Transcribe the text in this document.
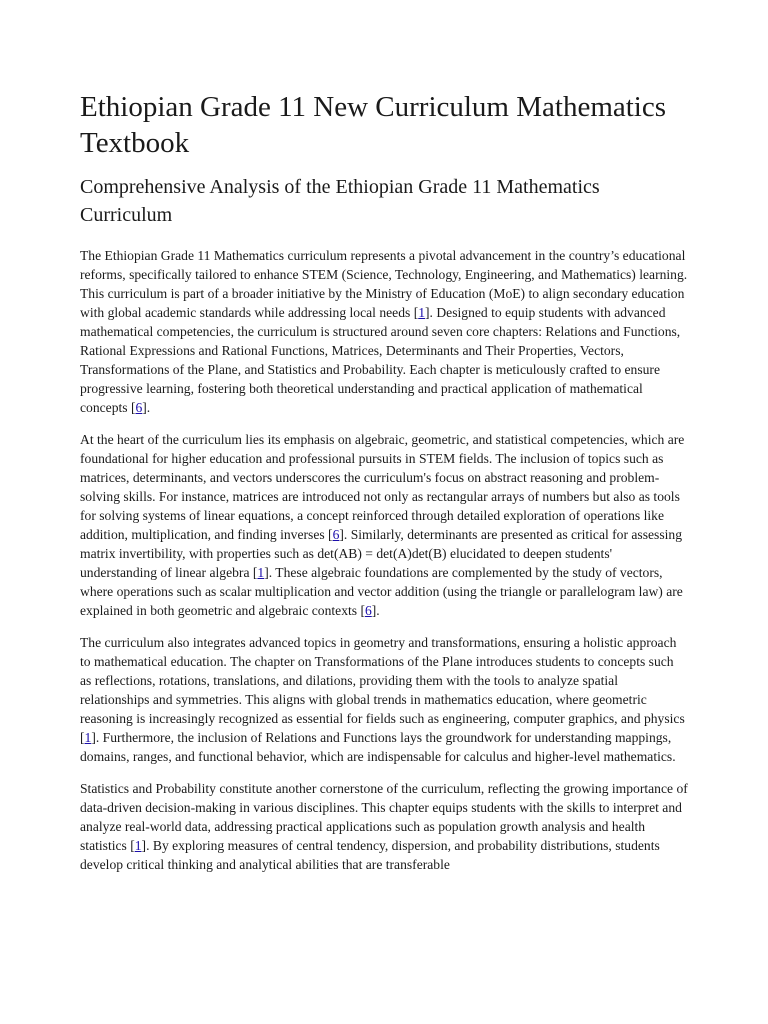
Ethiopian Grade 11 New Curriculum Mathematics Textbook
Comprehensive Analysis of the Ethiopian Grade 11 Mathematics Curriculum

The Ethiopian Grade 11 Mathematics curriculum represents a pivotal advancement in the country’s educational reforms, specifically tailored to enhance STEM (Science, Technology, Engineering, and Mathematics) learning. This curriculum is part of a broader initiative by the Ministry of Education (MoE) to align secondary education with global academic standards while addressing local needs [1]. Designed to equip students with advanced mathematical competencies, the curriculum is structured around seven core chapters: Relations and Functions, Rational Expressions and Rational Functions, Matrices, Determinants and Their Properties, Vectors, Transformations of the Plane, and Statistics and Probability. Each chapter is meticulously crafted to ensure progressive learning, fostering both theoretical understanding and practical application of mathematical concepts [6].

At the heart of the curriculum lies its emphasis on algebraic, geometric, and statistical competencies, which are foundational for higher education and professional pursuits in STEM fields. The inclusion of topics such as matrices, determinants, and vectors underscores the curriculum's focus on abstract reasoning and problem-solving skills. For instance, matrices are introduced not only as rectangular arrays of numbers but also as tools for solving systems of linear equations, a concept reinforced through detailed exploration of operations like addition, multiplication, and finding inverses [6]. Similarly, determinants are presented as critical for assessing matrix invertibility, with properties such as det(AB) = det(A)det(B) elucidated to deepen students' understanding of linear algebra [1]. These algebraic foundations are complemented by the study of vectors, where operations such as scalar multiplication and vector addition (using the triangle or parallelogram law) are explained in both geometric and algebraic contexts [6].

The curriculum also integrates advanced topics in geometry and transformations, ensuring a holistic approach to mathematical education. The chapter on Transformations of the Plane introduces students to concepts such as reflections, rotations, translations, and dilations, providing them with the tools to analyze spatial relationships and symmetries. This aligns with global trends in mathematics education, where geometric reasoning is increasingly recognized as essential for fields such as engineering, computer graphics, and physics [1]. Furthermore, the inclusion of Relations and Functions lays the groundwork for understanding mappings, domains, ranges, and functional behavior, which are indispensable for calculus and higher-level mathematics.

Statistics and Probability constitute another cornerstone of the curriculum, reflecting the growing importance of data-driven decision-making in various disciplines. This chapter equips students with the skills to interpret and analyze real-world data, addressing practical applications such as population growth analysis and health statistics [1]. By exploring measures of central tendency, dispersion, and probability distributions, students develop critical thinking and analytical abilities that are transferable
